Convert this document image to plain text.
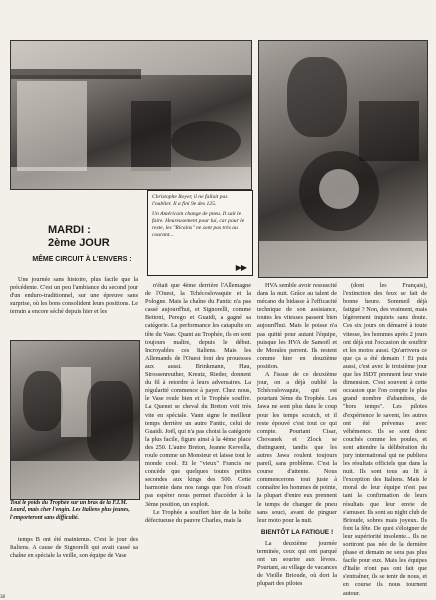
Christophe Royer, il ne fallait pas l'oublier. Il a fini 9e des 125.
Un Américain change de pneu. Il sait le faire. Heureusement pour lui, car pour le reste, les "Ricains" ne sont pas très au courant...
▶▶
MARDI :
2ème JOUR
MÊME CIRCUIT À L'ENVERS :

Une journée sans histoire, plus facile que la précédente. C'est un peu l'ambiance du second jour d'un enduro-traditionnel, sur une épreuve sans surprise, où les bons consolident leurs positions. Le terrain a encore séché depuis hier et les

Tout le poids du Trophée sur un bras de la F.I.M. Lourd, mais cher l'engin. Les Italiens plus jeunes, l'emporteront sans difficulté.

temps B ont été maintenus. C'est le jour des Italiens. A cause de Signorelli qui avait cassé sa chaîne en spéciale la veille, son équipe de Vase

n'était que 4ème derrière l'Allemagne de l'Ouest, la Tchécoslovaquie et la Pologne. Mais la chaîne du Fantic n'a pas cassé aujourd'hui, et Signorelli, comme Bettoni, Perego et Guaidi, a gagné sa catégorie. La performance les catapulte en tête du Vase. Quant au Trophée, ils en sont toujours maître, depuis le début. Incroyables ces Italiens. Mais les Allemands de l'Ouest font des prouesses aux aussi. Brinkmann, Hau, Strossenreuther, Kreutz, Rieder, donnent du fil à retordre à leurs adversaires. La régularité commence à payer. Chez nous, le Vase roule bien et le Trophée souffre. La Quenet se cheval du Breton voit très vite en spéciale. Vann signe le meilleur temps derrière un autre Fantic, celui de Guaidi. Joël, qui n'a pas choisi la catégorie la plus facile, figure ainsi à la 4ème place des 250. L'autre Breton, Jeanne Kervella, roule comme un Monsieur et laisse tout le monde cool. Et le "vieux" Francis ne concède que quelques toutes petites secondes aux kings des 500. Cette harmonie dans nos rangs que l'on n'osait pas espérer nous permet d'accéder à la 3ème position, un exploit.

Le Trophée a souffert hier de la boîte défectueuse du pauvre Charles, mais la

HVA semble avoir ressuscité dans la nuit. Grâce au talent de mécano du bidasse à l'efficacité technique de son assistance, toutes les vitesses passent bien aujourd'hui. Mais le poisse n'a pas quitté pour autant l'équipe, puisque les HVA de Samoël et de Morales perrent. Ils restent comme hier en douzième position.

A l'issue de ce deuxième jour, on a déjà oublié la Tchécoslovaquie, qui est pourtant 3ème du Trophée. Les Jawa ne sont plus dans le coup pour les temps scratch, et il reste épouvé c'est tout ce qui compte. Pourtant Cisar, Chovanek et Zlock se distinguent, tandis que les autres Jawa roulent toujours pareil, sans problème. C'est la course d'attente. Nous commencerons tout juste à connaître les hommes de pointe, la plupart d'entre eux prennent le temps de changer de pneu sans souci, avant de pinguer leur moto pour la nuit.

BIENTÔT LA FATIGUE !

La deuxième journée terminée, ceux qui ont parqué ont un sourire aux lèvres. Pourtant, au village de vacances de Vieille Brioude, où dort la plupart des pilotes

(dont les Français), l'extinction des feux se fait de bonne heure. Sommeil déjà fatigué ? Non, des vraiment, mais légèrement inquiets sans doute. Ces six jours on démarré à toute vitesse, les hommes après 2 jours ont déjà eut l'occasion de souffrir et les motos aussi. Qu'arrivera ce que ça a été demain ! Et puis aussi, c'est avec le troisième jour que les ISDT prennent leur vraie dimension. C'est souvent à cette occasion que l'on compte le plus grand nombre d'abandons, de "hors temps". Les pilotes d'expérience le savent, les autres ont été prévenus avec véhémence. Ils se sont donc couchés comme les poules, et sont attendre la délibération du jury international qui ne publiera les résultats officiels que dans la nuit. Ils sont tous au lit à l'exception des Italiens. Mais le moral de leur équipe n'est pas tant la confirmation de leurs résultats que leur envie de s'amuser. Ils sont au night club de Brioude, sobres mais joyeux. Ils font la fête. De quoi s'éloigner de leur supériorité insolente... Ils ne sortiront pas née de la dernière phase et demain ne sera pas plus facile pour eux. Mais les équipes d'Italie n'ont pas ont fait que s'entraîner, ils se tenir de nous, et en course ils nous tournent autour.

38
